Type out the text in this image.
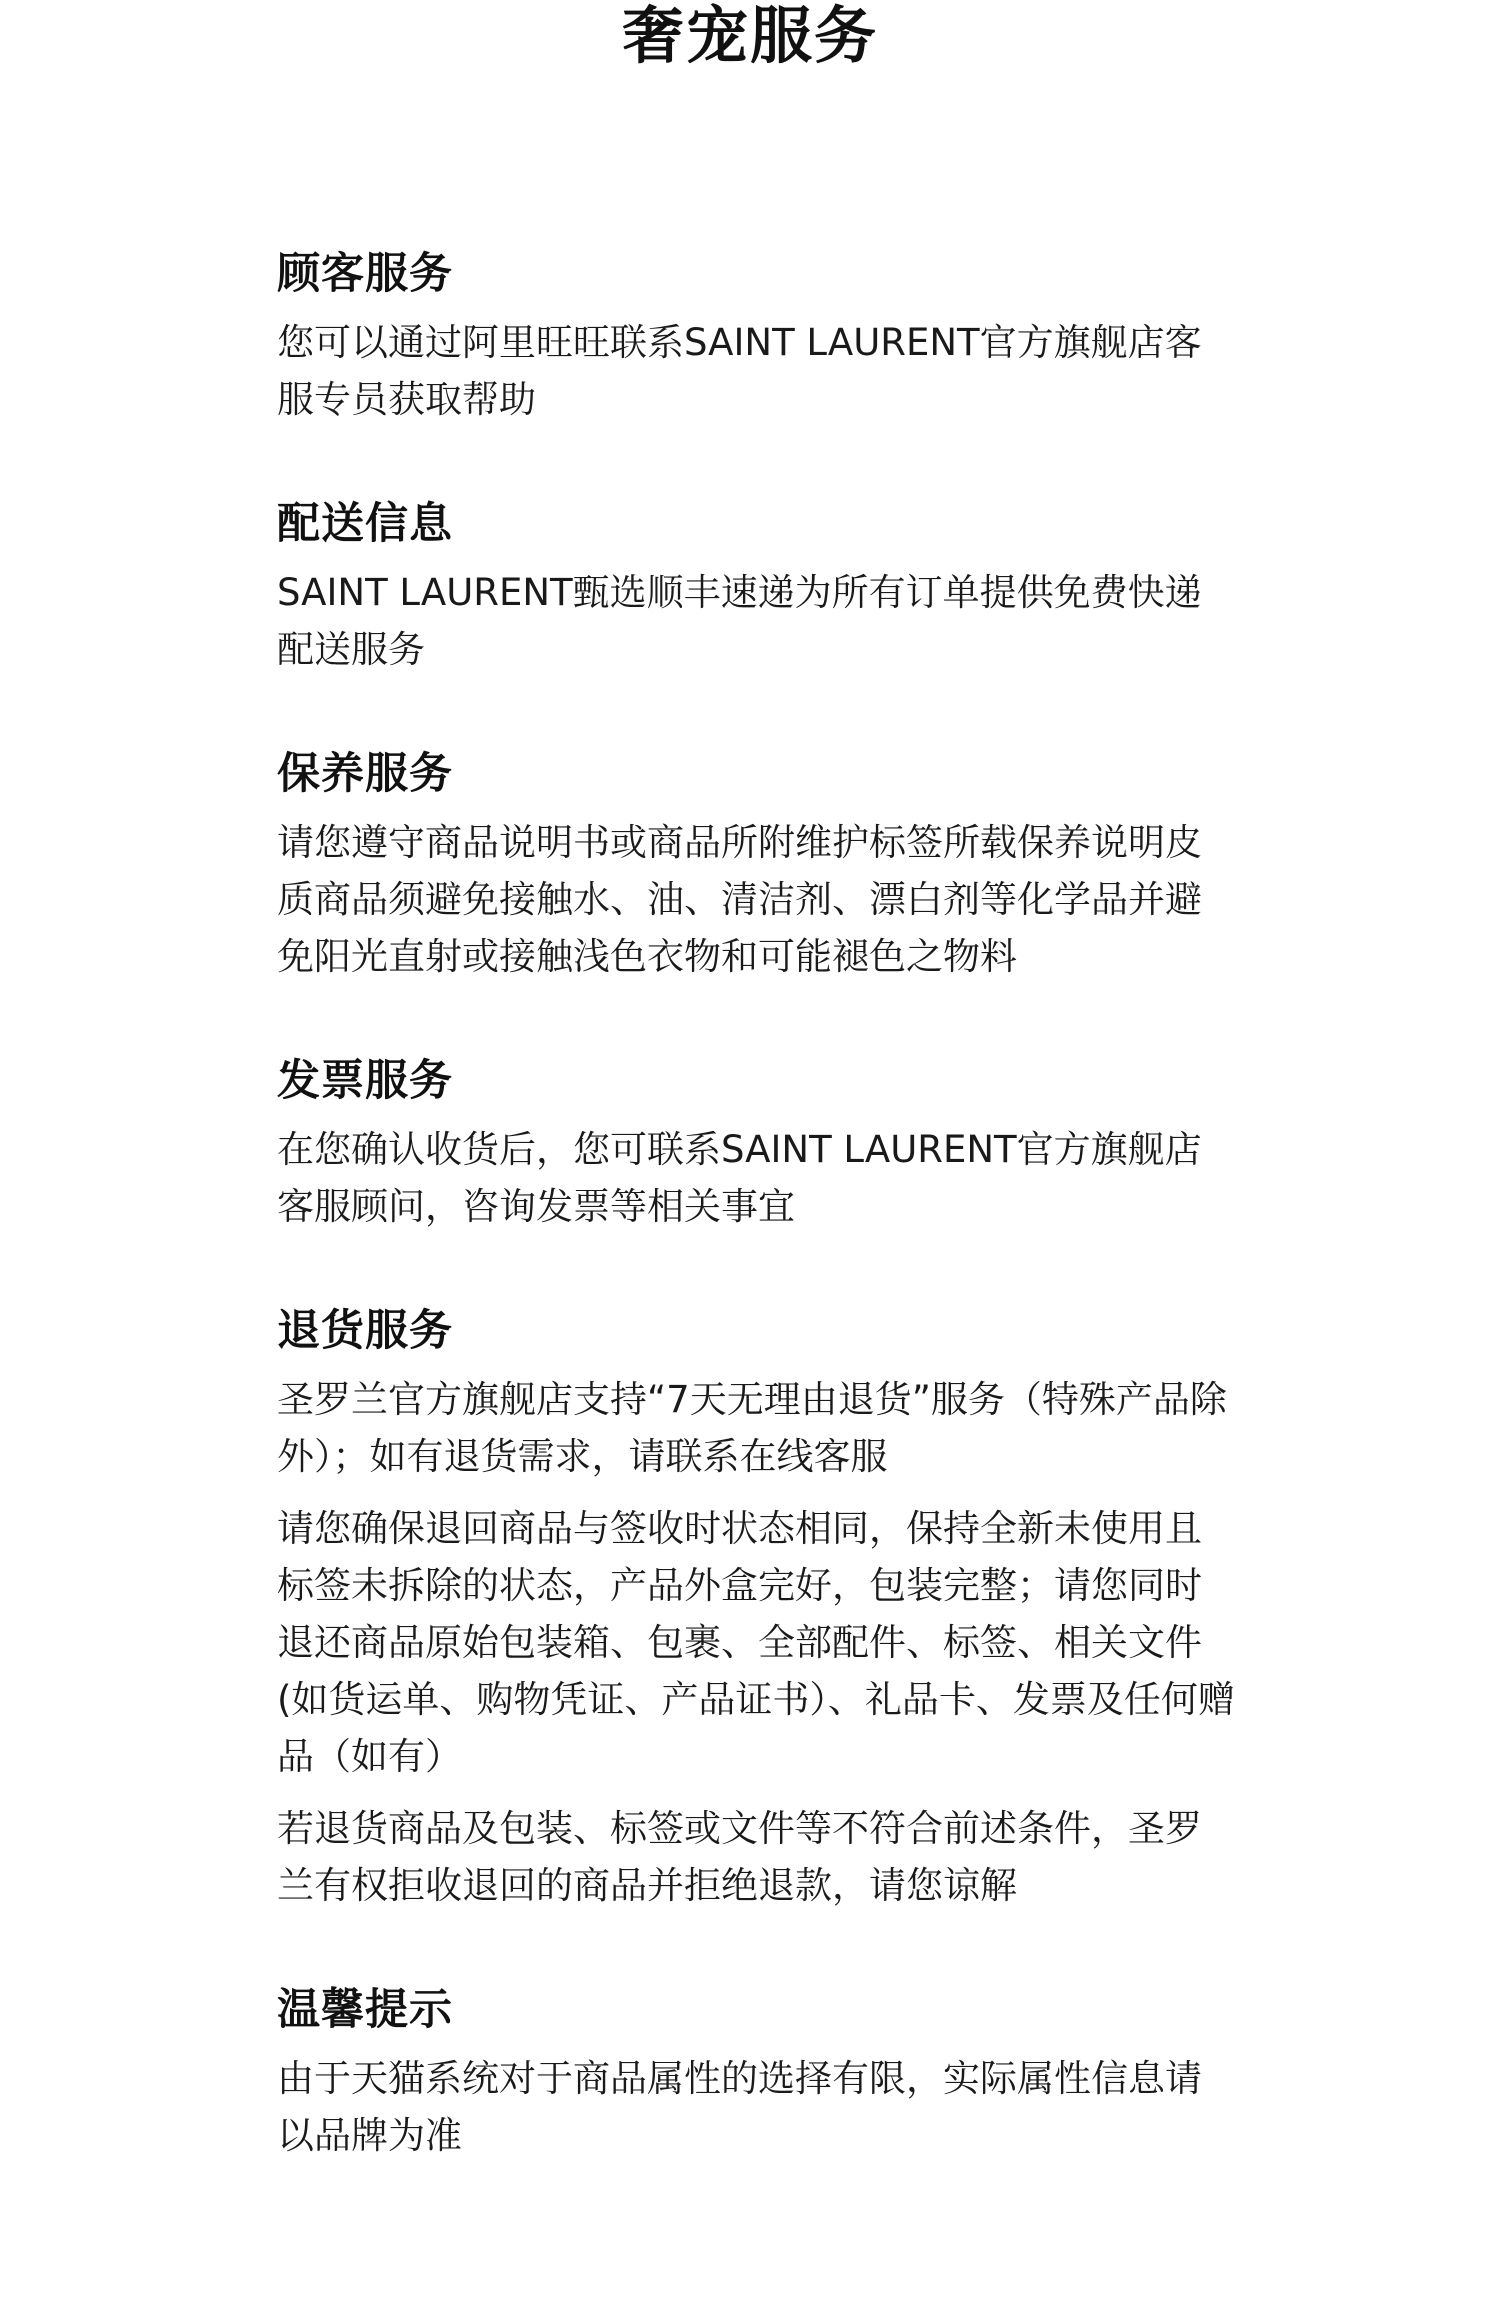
奢宠服务
顾客服务

您可以通过阿里旺旺联系SAINT LAURENT官方旗舰店客服专员获取帮助

配送信息

SAINT LAURENT甄选顺丰速递为所有订单提供免费快递配送服务

保养服务

请您遵守商品说明书或商品所附维护标签所载保养说明皮质商品须避免接触水、油、清洁剂、漂白剂等化学品并避免阳光直射或接触浅色衣物和可能褪色之物料

发票服务

在您确认收货后，您可联系SAINT LAURENT官方旗舰店客服顾问，咨询发票等相关事宜

退货服务

圣罗兰官方旗舰店支持“7天无理由退货”服务（特殊产品除外）；如有退货需求，请联系在线客服

请您确保退回商品与签收时状态相同，保持全新未使用且标签未拆除的状态，产品外盒完好，包装完整；请您同时退还商品原始包装箱、包裹、全部配件、标签、相关文件(如货运单、购物凭证、产品证书）、礼品卡、发票及任何赠品（如有）

若退货商品及包装、标签或文件等不符合前述条件，圣罗兰有权拒收退回的商品并拒绝退款，请您谅解

温馨提示

由于天猫系统对于商品属性的选择有限，实际属性信息请以品牌为准
